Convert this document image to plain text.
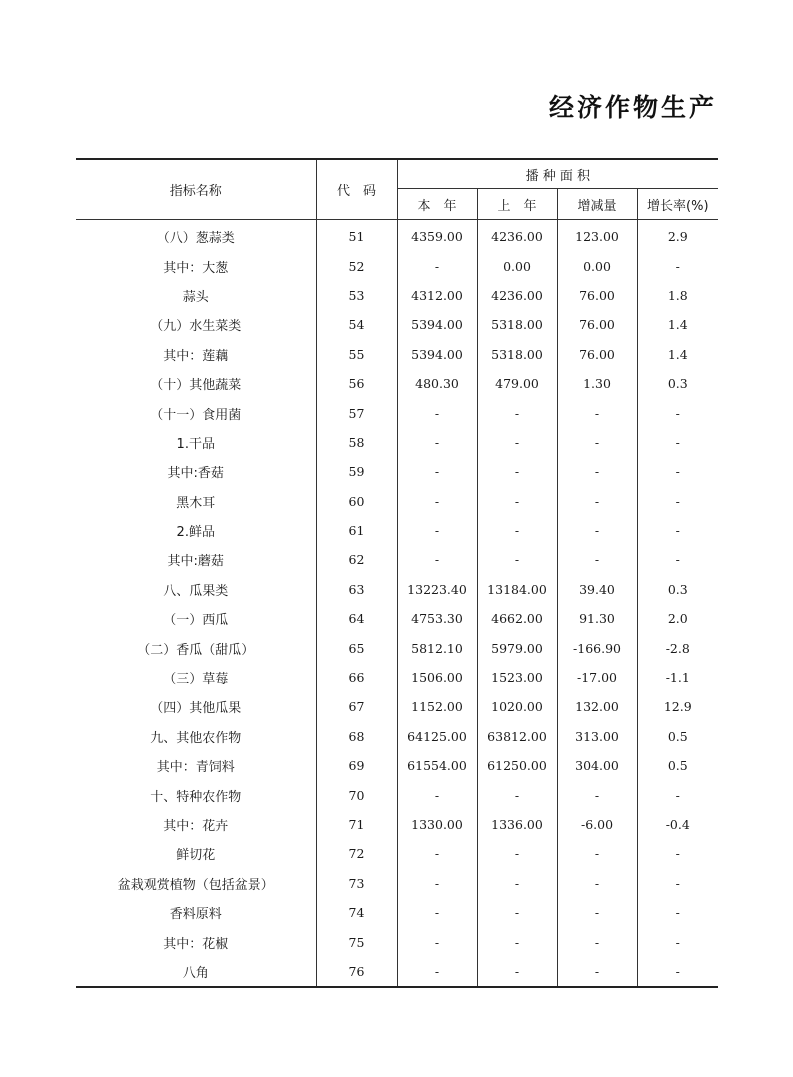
经济作物生产
指标名称	代　码	播 种 面 积			
		本　年	上　年	增减量	增长率(%)
（八）葱蒜类	51	4359.00	4236.00	123.00	2.9
其中：大葱	52	-	0.00	0.00	-
蒜头	53	4312.00	4236.00	76.00	1.8
（九）水生菜类	54	5394.00	5318.00	76.00	1.4
其中：莲藕	55	5394.00	5318.00	76.00	1.4
（十）其他蔬菜	56	480.30	479.00	1.30	0.3
（十一）食用菌	57	-	-	-	-
1.干品	58	-	-	-	-
其中:香菇	59	-	-	-	-
黑木耳	60	-	-	-	-
2.鲜品	61	-	-	-	-
其中:蘑菇	62	-	-	-	-
八、瓜果类	63	13223.40	13184.00	39.40	0.3
（一）西瓜	64	4753.30	4662.00	91.30	2.0
（二）香瓜（甜瓜）	65	5812.10	5979.00	-166.90	-2.8
（三）草莓	66	1506.00	1523.00	-17.00	-1.1
（四）其他瓜果	67	1152.00	1020.00	132.00	12.9
九、其他农作物	68	64125.00	63812.00	313.00	0.5
其中：青饲料	69	61554.00	61250.00	304.00	0.5
十、特种农作物	70	-	-	-	-
其中：花卉	71	1330.00	1336.00	-6.00	-0.4
鲜切花	72	-	-	-	-
盆栽观赏植物（包括盆景）	73	-	-	-	-
香料原料	74	-	-	-	-
其中：花椒	75	-	-	-	-
八角	76	-	-	-	-
